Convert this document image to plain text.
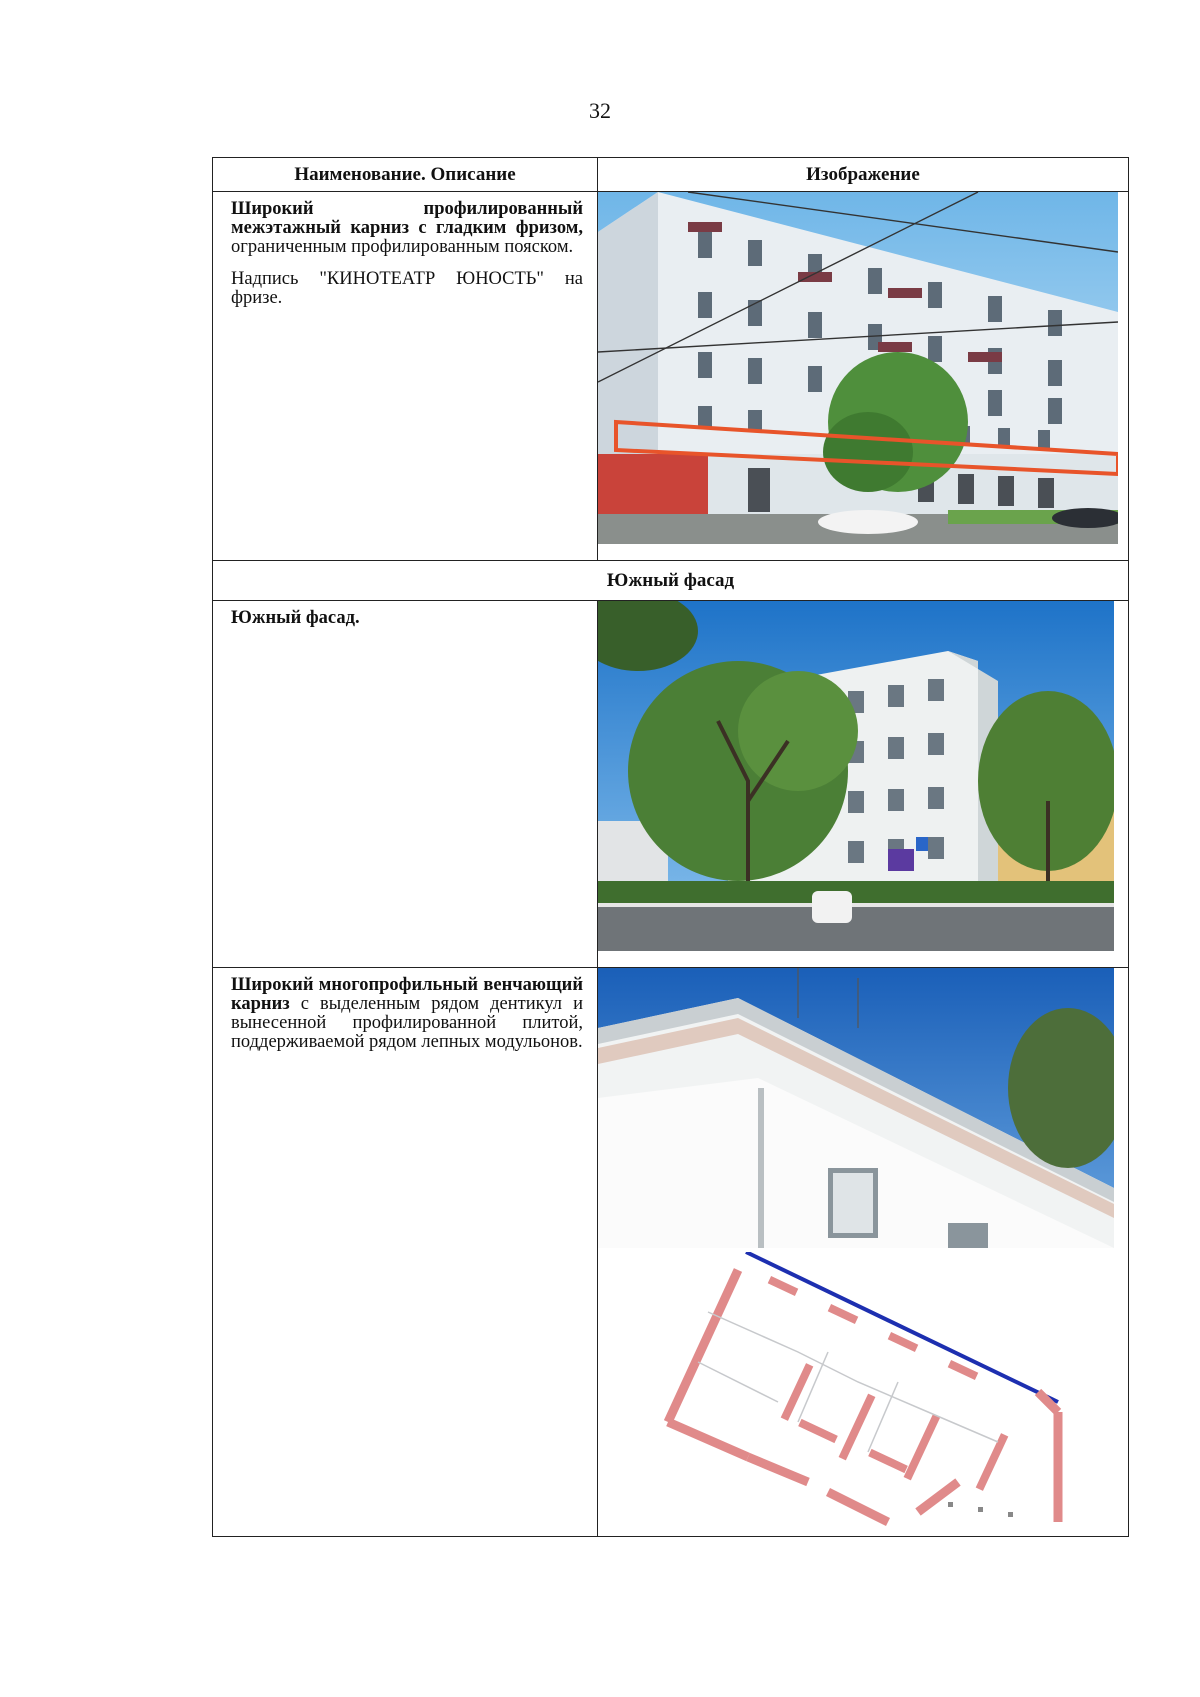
32
Наименование. Описание	Изображение

Широкий профилированный межэтажный карниз с гладким фризом, ограниченным профилированным пояском.

Надпись "КИНОТЕАТР ЮНОСТЬ" на фризе.

Южный фасад	

Южный фасад.

Широкий многопрофильный венчающий карниз с выделенным рядом дентикул и вынесенной профилированной плитой, поддерживаемой рядом лепных модульонов.
